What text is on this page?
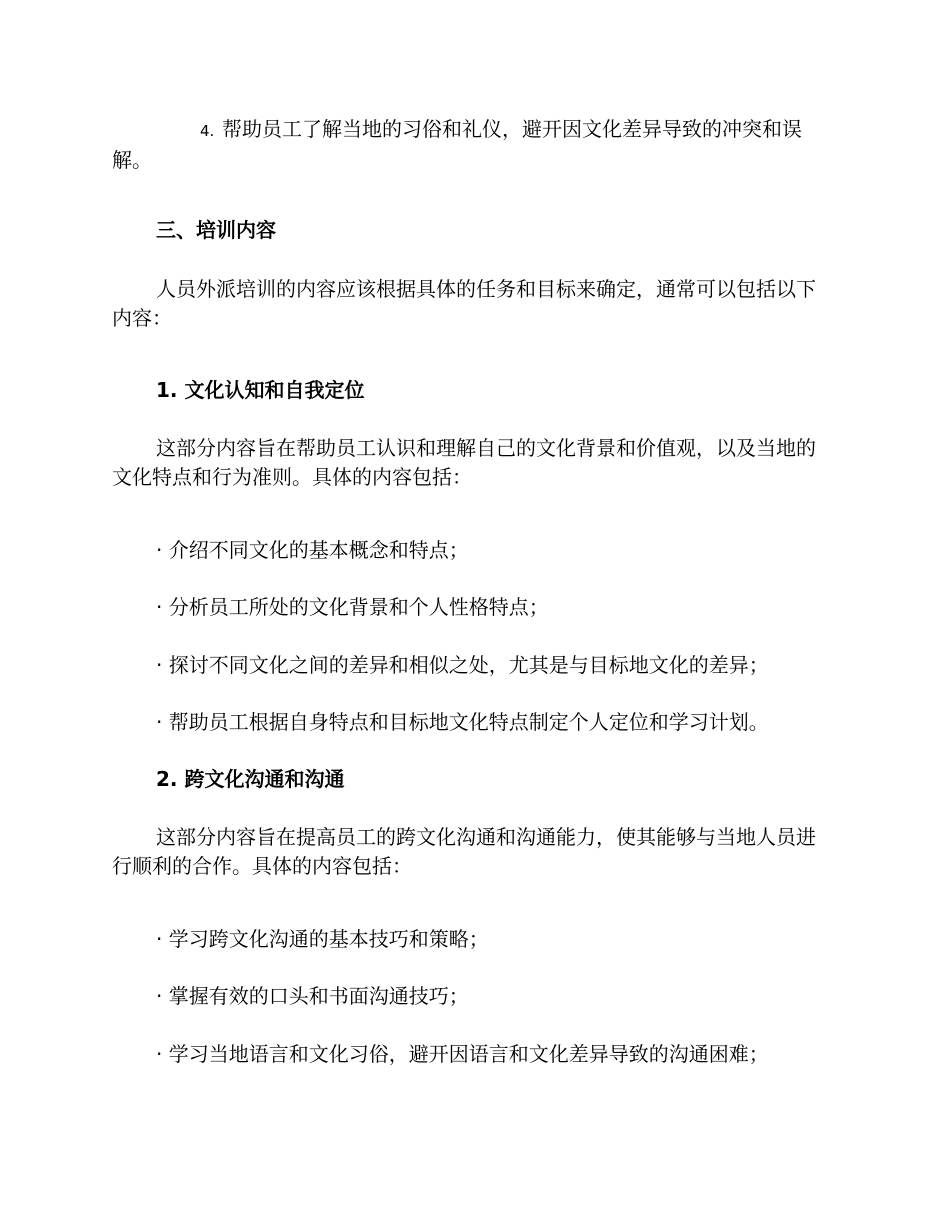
4. 帮助员工了解当地的习俗和礼仪，避开因文化差异导致的冲突和误解。

三、培训内容

人员外派培训的内容应该根据具体的任务和目标来确定，通常可以包括以下内容：

1. 文化认知和自我定位

这部分内容旨在帮助员工认识和理解自己的文化背景和价值观，以及当地的文化特点和行为准则。具体的内容包括：

· 介绍不同文化的基本概念和特点；

· 分析员工所处的文化背景和个人性格特点；

· 探讨不同文化之间的差异和相似之处，尤其是与目标地文化的差异；

· 帮助员工根据自身特点和目标地文化特点制定个人定位和学习计划。

2. 跨文化沟通和沟通

这部分内容旨在提高员工的跨文化沟通和沟通能力，使其能够与当地人员进行顺利的合作。具体的内容包括：

· 学习跨文化沟通的基本技巧和策略；

· 掌握有效的口头和书面沟通技巧；

· 学习当地语言和文化习俗，避开因语言和文化差异导致的沟通困难；
